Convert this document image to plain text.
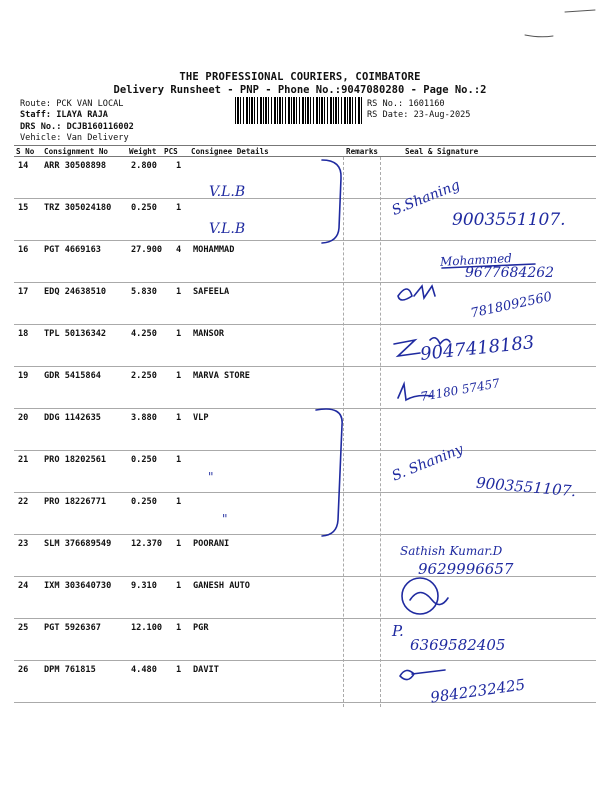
THE PROFESSIONAL COURIERS, COIMBATORE
Delivery Runsheet - PNP - Phone No.:9047080280 - Page No.:2
Route: PCK VAN LOCAL
Staff: ILAYA RAJA
DRS No.: DCJB160116002
Vehicle: Van Delivery
RS No.: 1601160
RS Date: 23-Aug-2025
S No Consignment No	Weight PCS Consignee Details	Remarks	Seal & Signature
14 ARR 30508898	2.800 1
15 TRZ 305024180 0.250 1
16 PGT 4669163	27.900 4 MOHAMMAD
17 EDQ 24638510	5.830 1 SAFEELA
18 TPL 50136342	4.250 1 MANSOR
19 GDR 5415864	2.250 1 MARVA STORE
20 DDG 1142635	3.880 1 VLP
21 PRO 18202561	0.250 1
22 PRO 18226771	0.250 1
23 SLM 376689549 12.370 1 POORANI
24 IXM 303640730 9.310 1 GANESH AUTO
25 PGT 5926367	12.100 1 PGR
26 DPM 761815	4.480 1 DAVIT
V.L.B
V.L.B
S.Shaning
9003551107.
Mohammed
9677684262
7818092560
9047418183
74180 57457
"
"
S. Shaniny
9003551107.
Sathish Kumar.D
9629996657
P.
6369582405
9842232425
